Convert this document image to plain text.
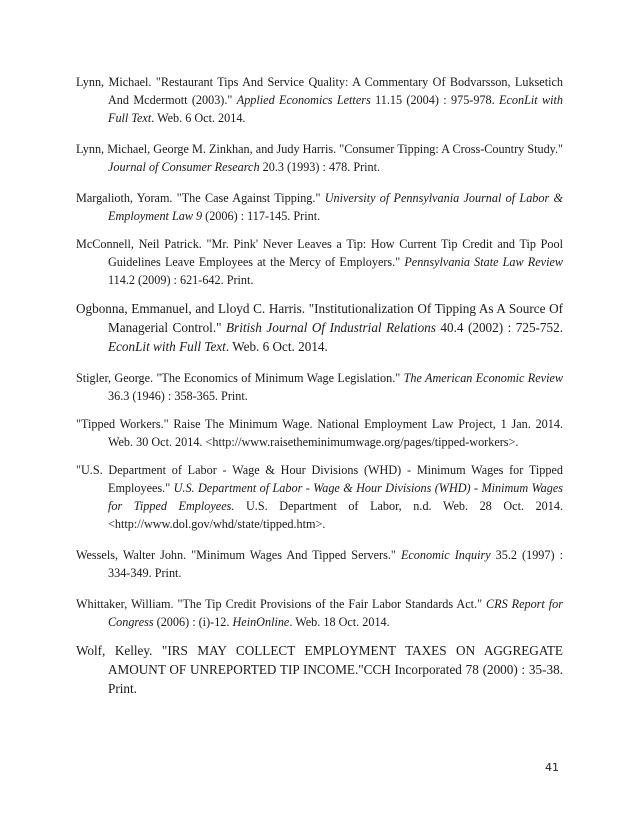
Lynn, Michael. "Restaurant Tips And Service Quality: A Commentary Of Bodvarsson, Luksetich And Mcdermott (2003)." Applied Economics Letters 11.15 (2004) : 975-978. EconLit with Full Text. Web. 6 Oct. 2014.

Lynn, Michael, George M. Zinkhan, and Judy Harris. "Consumer Tipping: A Cross-Country Study." Journal of Consumer Research 20.3 (1993) : 478. Print.

Margalioth, Yoram. "The Case Against Tipping." University of Pennsylvania Journal of Labor & Employment Law 9 (2006) : 117-145. Print.

McConnell, Neil Patrick. "Mr. Pink' Never Leaves a Tip: How Current Tip Credit and Tip Pool Guidelines Leave Employees at the Mercy of Employers." Pennsylvania State Law Review 114.2 (2009) : 621-642. Print.

Ogbonna, Emmanuel, and Lloyd C. Harris. "Institutionalization Of Tipping As A Source Of Managerial Control." British Journal Of Industrial Relations 40.4 (2002) : 725-752. EconLit with Full Text. Web. 6 Oct. 2014.

Stigler, George. "The Economics of Minimum Wage Legislation." The American Economic Review 36.3 (1946) : 358-365. Print.

"Tipped Workers." Raise The Minimum Wage. National Employment Law Project, 1 Jan. 2014. Web. 30 Oct. 2014. <http://www.raisetheminimumwage.org/pages/tipped-workers>.

"U.S. Department of Labor - Wage & Hour Divisions (WHD) - Minimum Wages for Tipped Employees." U.S. Department of Labor - Wage & Hour Divisions (WHD) - Minimum Wages for Tipped Employees. U.S. Department of Labor, n.d. Web. 28 Oct. 2014. <http://www.dol.gov/whd/state/tipped.htm>.

Wessels, Walter John. "Minimum Wages And Tipped Servers." Economic Inquiry 35.2 (1997) : 334-349. Print.

Whittaker, William. "The Tip Credit Provisions of the Fair Labor Standards Act." CRS Report for Congress (2006) : (i)-12. HeinOnline. Web. 18 Oct. 2014.

Wolf, Kelley. "IRS MAY COLLECT EMPLOYMENT TAXES ON AGGREGATE AMOUNT OF UNREPORTED TIP INCOME."CCH Incorporated 78 (2000) : 35-38. Print.

41
